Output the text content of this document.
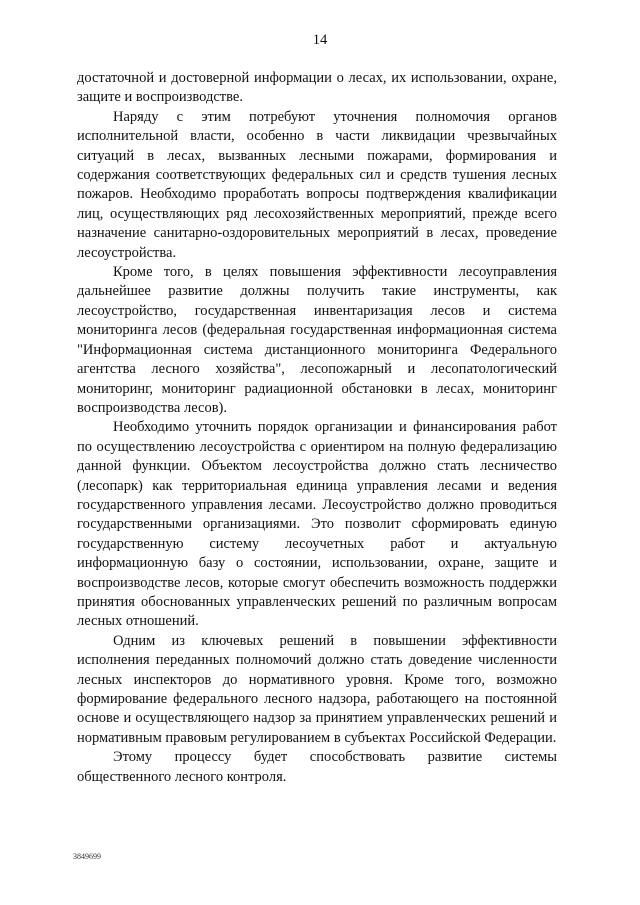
14

достаточной и достоверной информации о лесах, их использовании, охране, защите и воспроизводстве.

Наряду с этим потребуют уточнения полномочия органов исполнительной власти, особенно в части ликвидации чрезвычайных ситуаций в лесах, вызванных лесными пожарами, формирования и содержания соответствующих федеральных сил и средств тушения лесных пожаров. Необходимо проработать вопросы подтверждения квалификации лиц, осуществляющих ряд лесохозяйственных мероприятий, прежде всего назначение санитарно-оздоровительных мероприятий в лесах, проведение лесоустройства.

Кроме того, в целях повышения эффективности лесоуправления дальнейшее развитие должны получить такие инструменты, как лесоустройство, государственная инвентаризация лесов и система мониторинга лесов (федеральная государственная информационная система "Информационная система дистанционного мониторинга Федерального агентства лесного хозяйства", лесопожарный и лесопатологический мониторинг, мониторинг радиационной обстановки в лесах, мониторинг воспроизводства лесов).

Необходимо уточнить порядок организации и финансирования работ по осуществлению лесоустройства с ориентиром на полную федерализацию данной функции. Объектом лесоустройства должно стать лесничество (лесопарк) как территориальная единица управления лесами и ведения государственного управления лесами. Лесоустройство должно проводиться государственными организациями. Это позволит сформировать единую государственную систему лесоучетных работ и актуальную информационную базу о состоянии, использовании, охране, защите и воспроизводстве лесов, которые смогут обеспечить возможность поддержки принятия обоснованных управленческих решений по различным вопросам лесных отношений.

Одним из ключевых решений в повышении эффективности исполнения переданных полномочий должно стать доведение численности лесных инспекторов до нормативного уровня. Кроме того, возможно формирование федерального лесного надзора, работающего на постоянной основе и осуществляющего надзор за принятием управленческих решений и нормативным правовым регулированием в субъектах Российской Федерации.

Этому процессу будет способствовать развитие системы общественного лесного контроля.

3849699
